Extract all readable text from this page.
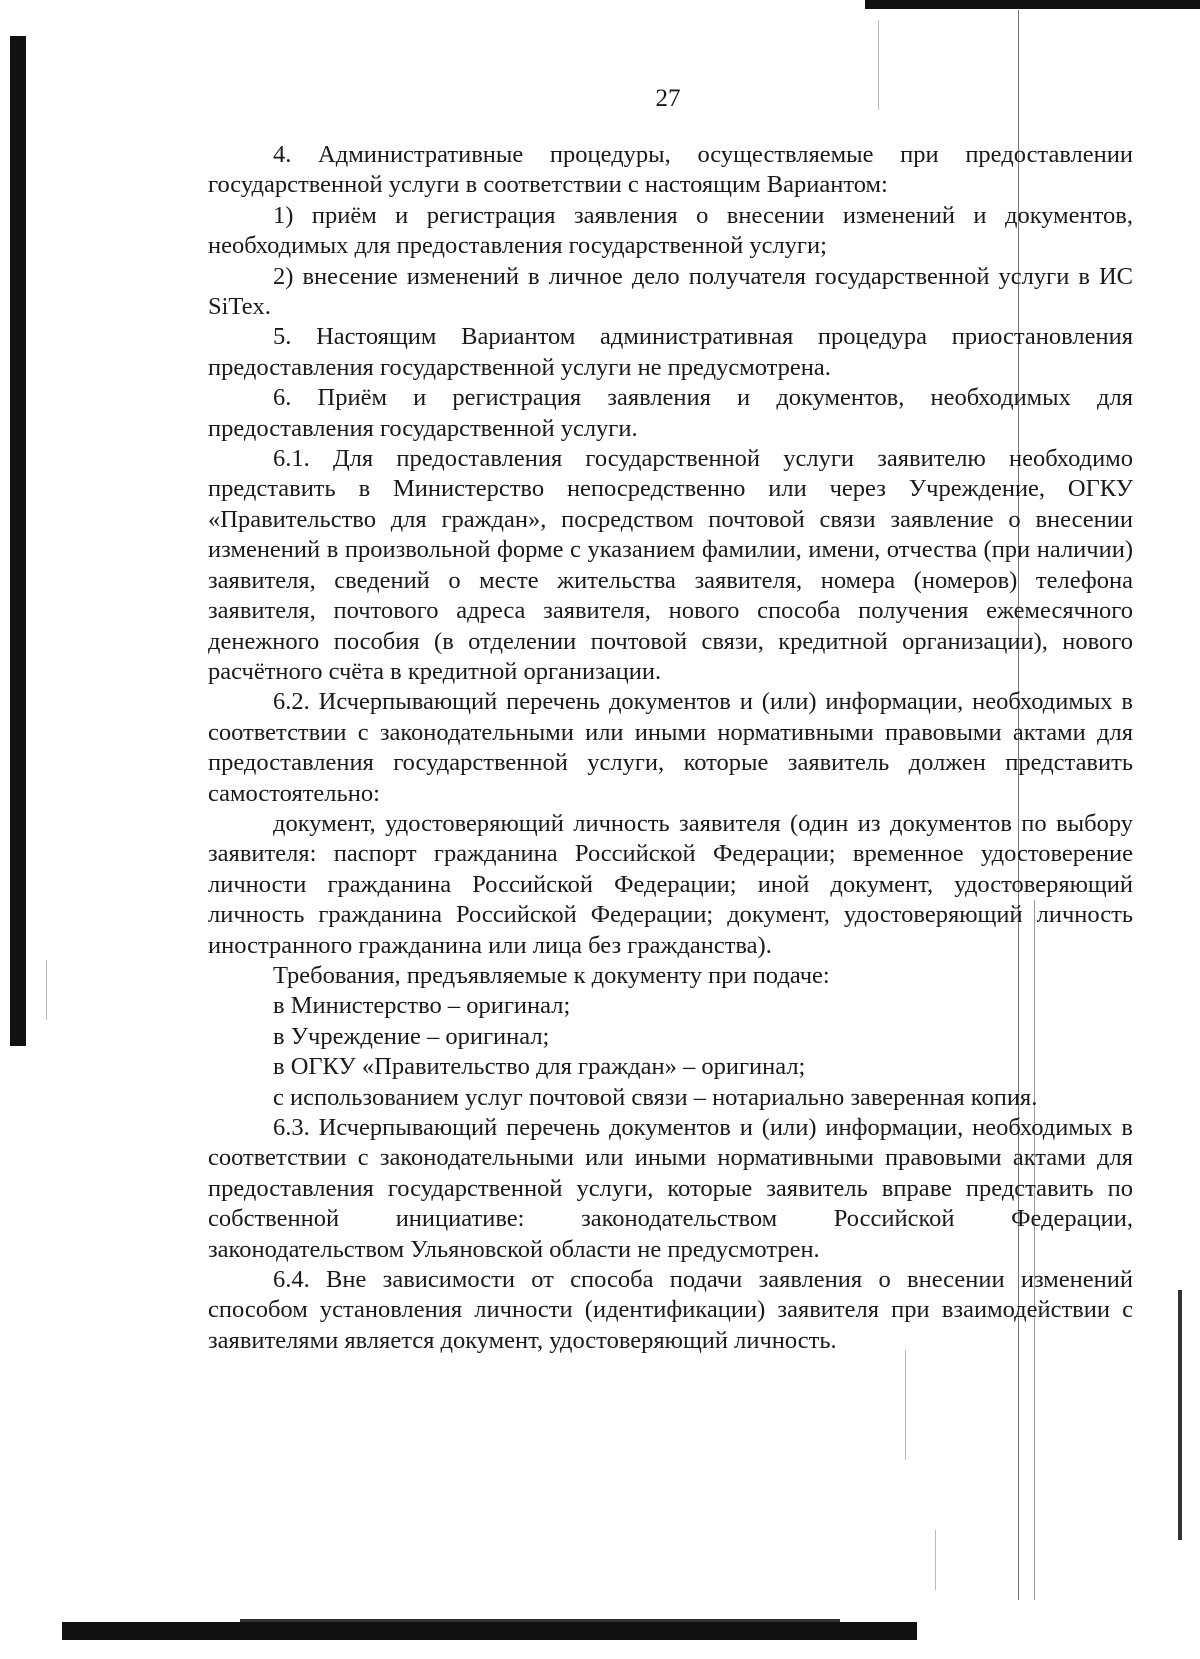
27

4. Административные процедуры, осуществляемые при предоставлении государственной услуги в соответствии с настоящим Вариантом:

1) приём и регистрация заявления о внесении изменений и документов, необходимых для предоставления государственной услуги;

2) внесение изменений в личное дело получателя государственной услуги в ИС SiTex.

5. Настоящим Вариантом административная процедура приостановления предоставления государственной услуги не предусмотрена.

6. Приём и регистрация заявления и документов, необходимых для предоставления государственной услуги.

6.1. Для предоставления государственной услуги заявителю необходимо представить в Министерство непосредственно или через Учреждение, ОГКУ «Правительство для граждан», посредством почтовой связи заявление о внесении изменений в произвольной форме с указанием фамилии, имени, отчества (при наличии) заявителя, сведений о месте жительства заявителя, номера (номеров) телефона заявителя, почтового адреса заявителя, нового способа получения ежемесячного денежного пособия (в отделении почтовой связи, кредитной организации), нового расчётного счёта в кредитной организации.

6.2. Исчерпывающий перечень документов и (или) информации, необходимых в соответствии с законодательными или иными нормативными правовыми актами для предоставления государственной услуги, которые заявитель должен представить самостоятельно:

документ, удостоверяющий личность заявителя (один из документов по выбору заявителя: паспорт гражданина Российской Федерации; временное удостоверение личности гражданина Российской Федерации; иной документ, удостоверяющий личность гражданина Российской Федерации; документ, удостоверяющий личность иностранного гражданина или лица без гражданства).

Требования, предъявляемые к документу при подаче:

в Министерство – оригинал;

в Учреждение – оригинал;

в ОГКУ «Правительство для граждан» – оригинал;

с использованием услуг почтовой связи – нотариально заверенная копия.

6.3. Исчерпывающий перечень документов и (или) информации, необходимых в соответствии с законодательными или иными нормативными правовыми актами для предоставления государственной услуги, которые заявитель вправе представить по собственной инициативе: законодательством Российской Федерации, законодательством Ульяновской области не предусмотрен.

6.4. Вне зависимости от способа подачи заявления о внесении изменений способом установления личности (идентификации) заявителя при взаимодействии с заявителями является документ, удостоверяющий личность.
